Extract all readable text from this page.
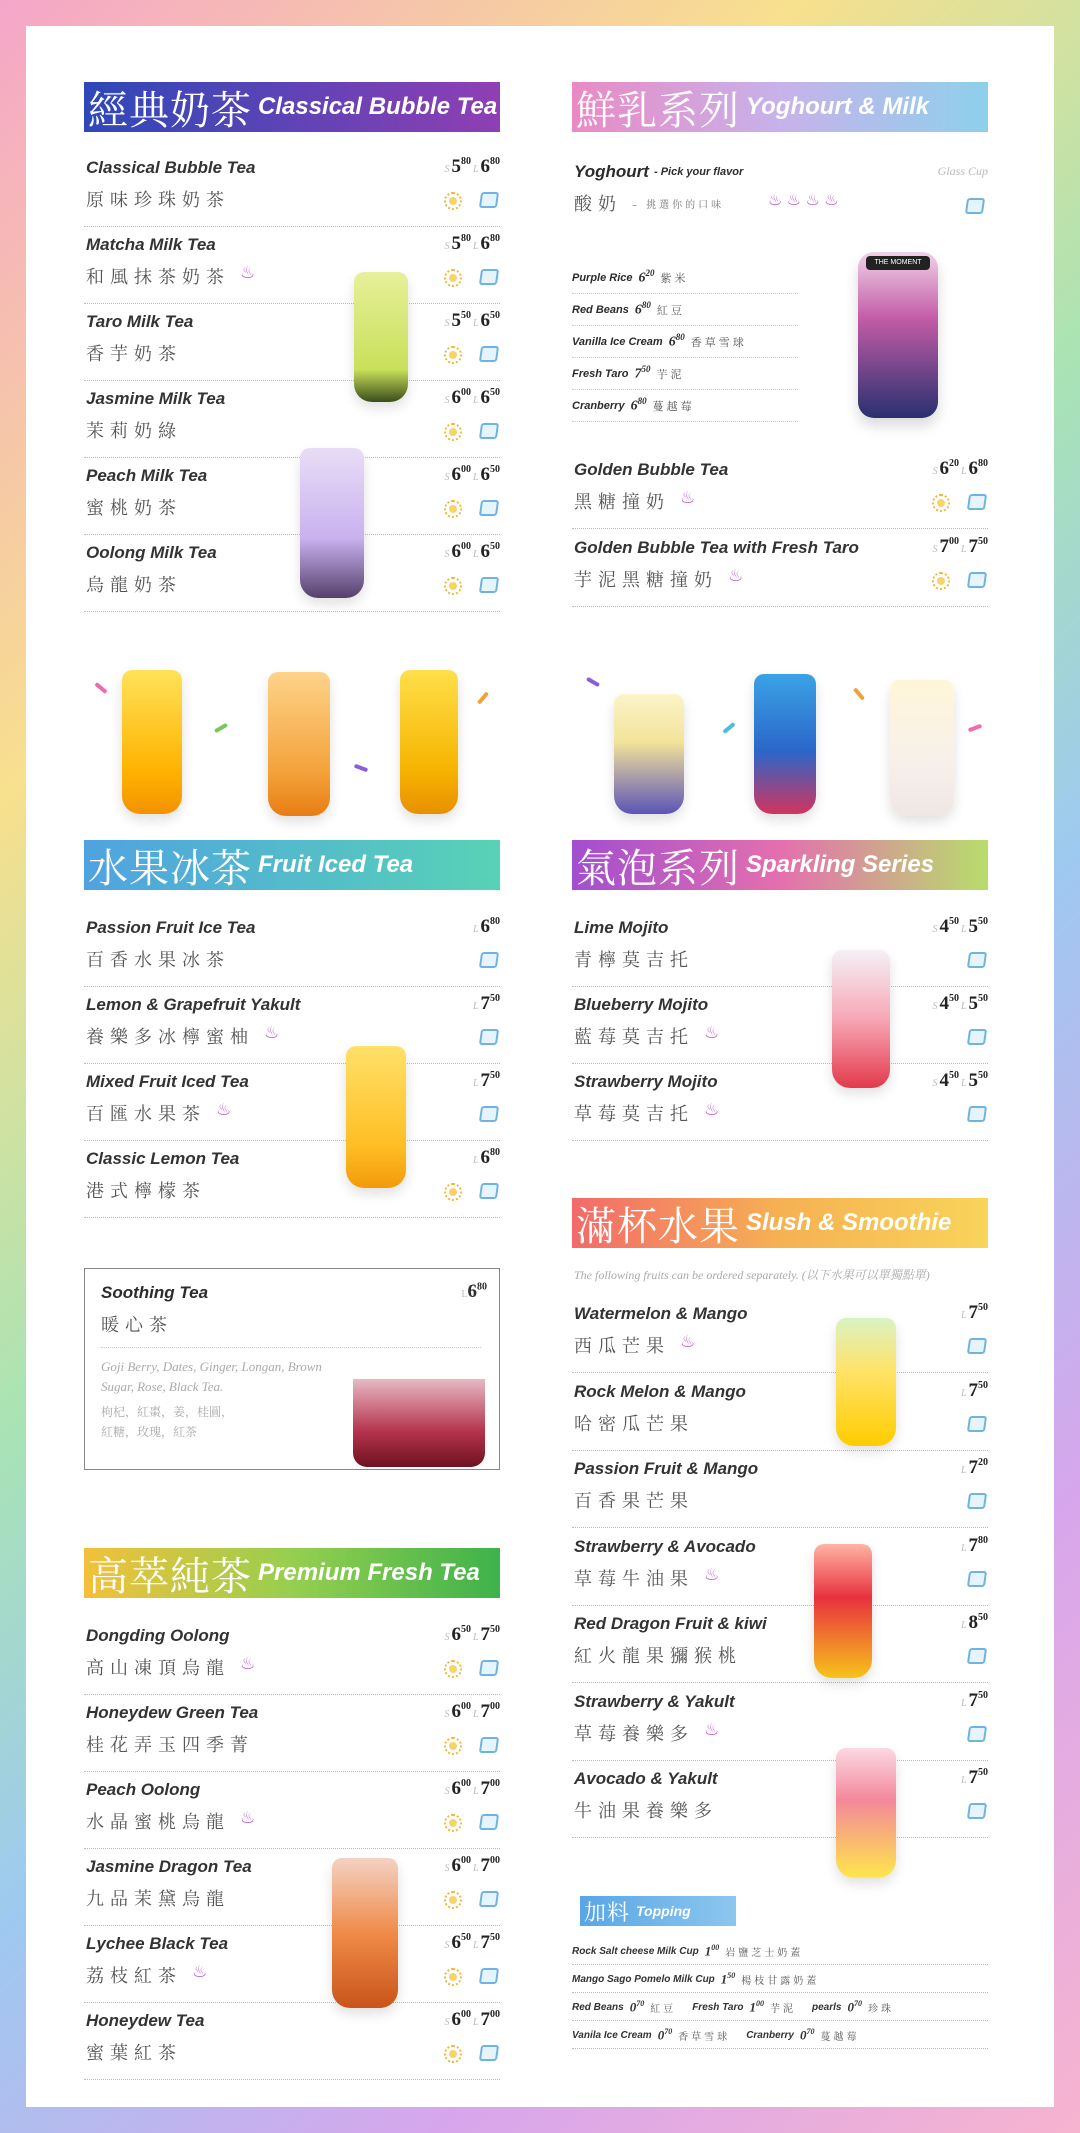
經典奶茶 Classical Bubble Tea
Classical Bubble Tea
原味珍珠奶茶
S $5^{80}L$ $6^{80}$
Matcha Milk Tea
和風抹茶奶茶 ♨
S $5^{80}L$ $6^{80}$
Taro Milk Tea
香芋奶茶
S $5^{50}L$ $6^{50}$
Jasmine Milk Tea
茉莉奶綠
S $6^{00}L$ $6^{50}$
Peach Milk Tea
蜜桃奶茶
S $6^{00}L$ $6^{50}$
Oolong Milk Tea
烏龍奶茶
S $6^{00}L$ $6^{50}$
水果冰茶 Fruit Iced Tea
Passion Fruit Ice Tea
百香水果冰茶
L $6^{80}$
Lemon & Grapefruit Yakult
養樂多冰檸蜜柚 ♨
L $7^{50}$
Mixed Fruit Iced Tea
百匯水果茶 ♨
L $7^{50}$
Classic Lemon Tea
港式檸檬茶
L $6^{80}$
Soothing Tea
暖心茶
$L6^{80}$
Goji Berry, Dates, Ginger, Longan, Brown Sugar, Rose, Black Tea.
枸杞，紅棗，姜，桂圓，
紅糖，玫瑰，紅茶
高萃純茶 Premium Fresh Tea
Dongding Oolong
高山凍頂烏龍 ♨
S $6^{50}L$ $7^{50}$
Honeydew Green Tea
桂花弄玉四季菁
S $6^{00}L$ $7^{00}$
Peach Oolong
水晶蜜桃烏龍 ♨
S $6^{00}L$ $7^{00}$
Jasmine Dragon Tea
九品茉黛烏龍
S $6^{00}L$ $7^{00}$
Lychee Black Tea
荔枝紅茶 ♨
S $6^{50}L$ $7^{50}$
Honeydew Tea
蜜葉紅茶
S $6^{00}L$ $7^{00}$
鮮乳系列 Yoghourt & Milk
Yoghourt - Pick your flavor	Glass Cup
酸奶 – 挑選你的口味	♨ ♨ ♨ ♨
Purple Rice $6^{20}$ 紫米
Red Beans $6^{80}$ 紅豆
Vanilla Ice Cream $6^{80}$ 香草雪球
Fresh Taro $7^{50}$ 芋泥
Cranberry $6^{80}$ 蔓越莓
THE MOMENT
Golden Bubble Tea
黑糖撞奶 ♨
S $6^{20}L$ $6^{80}$
Golden Bubble Tea with Fresh Taro
芋泥黑糖撞奶 ♨
S $7^{00}L$ $7^{50}$
氣泡系列 Sparkling Series
Lime Mojito
青檸莫吉托
S $4^{50}L$ $5^{50}$
Blueberry Mojito
藍莓莫吉托 ♨
S $4^{50}L$ $5^{50}$
Strawberry Mojito
草莓莫吉托 ♨
S $4^{50}L$ $5^{50}$
滿杯水果 Slush & Smoothie
The following fruits can be ordered separately. (以下水果可以單獨點單)
Watermelon & Mango
西瓜芒果 ♨
L $7^{50}$
Rock Melon & Mango
哈密瓜芒果
L $7^{50}$
Passion Fruit & Mango
百香果芒果
L $7^{20}$
Strawberry & Avocado
草莓牛油果 ♨
L $7^{80}$
Red Dragon Fruit & kiwi
紅火龍果獼猴桃
L $8^{50}$
Strawberry & Yakult
草莓養樂多 ♨
L $7^{50}$
Avocado & Yakult
牛油果養樂多
L $7^{50}$
加料 Topping
Rock Salt cheese Milk Cup $1^{00}$
岩鹽芝士奶蓋
Mango Sago Pomelo Milk Cup $1^{50}$
楊枝甘露奶蓋
Red Beans $0^{70}$
紅豆 Fresh Taro $1^{00}$
芋泥 pearls $0^{70}$
珍珠
Vanila Ice Cream $0^{70}$
香草雪球 Cranberry $0^{70}$
蔓越莓
